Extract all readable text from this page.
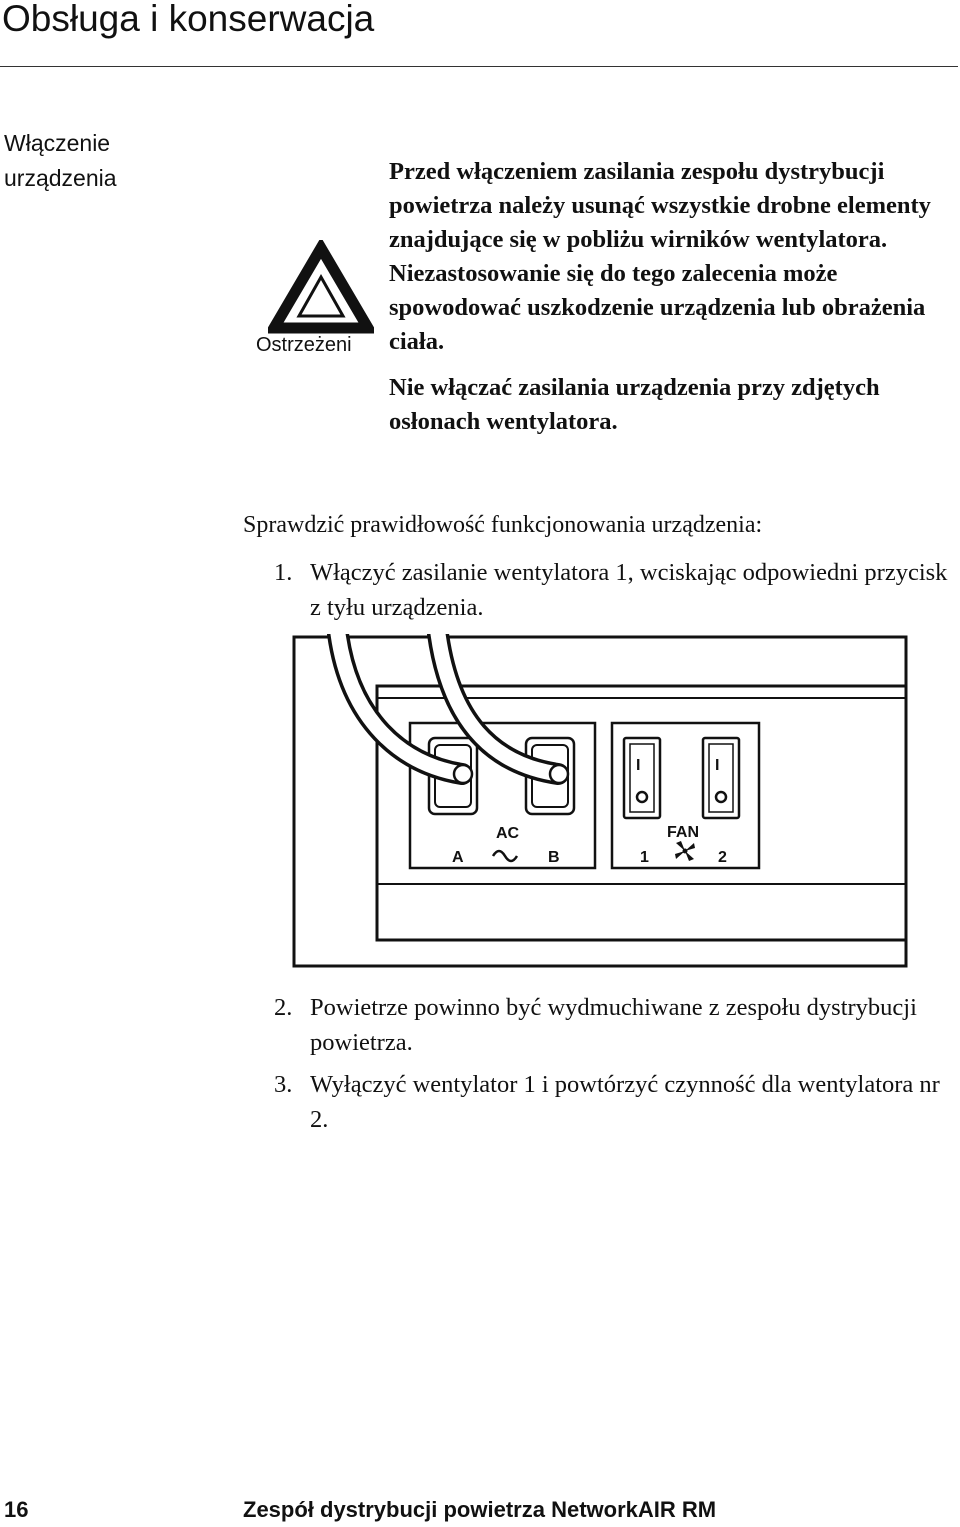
Obsługa i konserwacja
Włączenie
urządzenia
Ostrzeżeni

Przed włączeniem zasilania zespołu dystrybucji powietrza należy usunąć wszystkie drobne elementy znajdujące się w pobliżu wirników wentylatora. Niezastosowanie się do tego zalecenia może spowodować uszkodzenie urządzenia lub obrażenia ciała.

Nie włączać zasilania urządzenia przy zdjętych osłonach wentylatora.

Sprawdzić prawidłowość funkcjonowania urządzenia:
1. Włączyć zasilanie wentylatora 1, wciskając odpowiedni przycisk z tyłu urządzenia.
AC
A	B
I	I
FAN
1	2
2. Powietrze powinno być wydmuchiwane z zespołu dystrybucji powietrza.
3. Wyłączyć wentylator 1 i powtórzyć czynność dla wentylatora nr 2.
16	Zespół dystrybucji powietrza NetworkAIR RM
